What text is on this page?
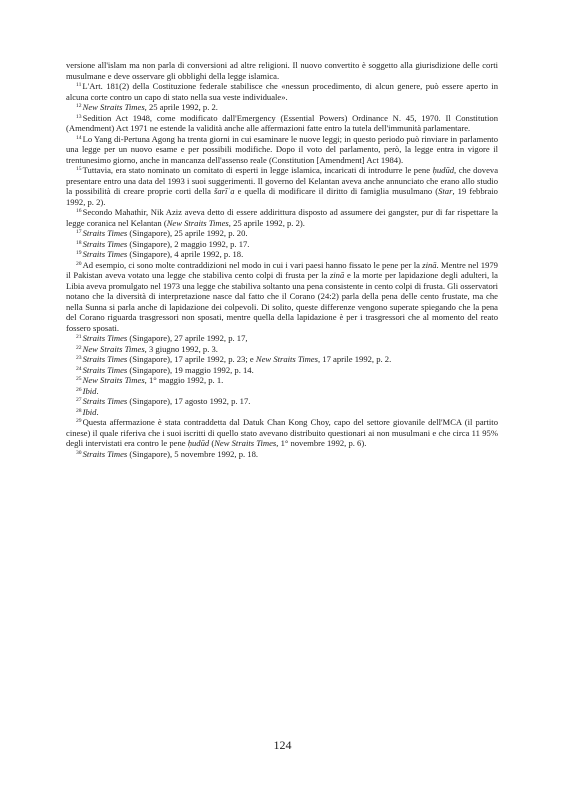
versione all'islam ma non parla di conversioni ad altre religioni. Il nuovo convertito è soggetto alla giurisdizione delle corti musulmane e deve osservare gli obblighi della legge islamica.

$^{11}$L'Art. 181(2) della Costituzione federale stabilisce che «nessun procedimento, di alcun genere, può essere aperto in alcuna corte contro un capo di stato nella sua veste individuale».

$^{12}$New Straits Times, 25 aprile 1992, p. 2.

$^{13}$Sedition Act 1948, come modificato dall'Emergency (Essential Powers) Ordinance N. 45, 1970. Il Constitution (Amendment) Act 1971 ne estende la validità anche alle affermazioni fatte entro la tutela dell'immunità parlamentare.

$^{14}$Lo Yang di-Pertuna Agong ha trenta giorni in cui esaminare le nuove leggi; in questo periodo può rinviare in parlamento una legge per un nuovo esame e per possibili modifiche. Dopo il voto del parlamento, però, la legge entra in vigore il trentunesimo giorno, anche in mancanza dell'assenso reale (Constitution [Amendment] Act 1984).

$^{15}$Tuttavia, era stato nominato un comitato di esperti in legge islamica, incaricati di introdurre le pene ḥudūd, che doveva presentare entro una data del 1993 i suoi suggerimenti. Il governo del Kelantan aveva anche annunciato che erano allo studio la possibilità di creare proprie corti della šarīʿa e quella di modificare il diritto di famiglia musulmano (Star, 19 febbraio 1992, p. 2).

$^{16}$Secondo Mahathir, Nik Aziz aveva detto di essere addirittura disposto ad assumere dei gangster, pur di far rispettare la legge coranica nel Kelantan (New Straits Times, 25 aprile 1992, p. 2).

$^{17}$Straits Times (Singapore), 25 aprile 1992, p. 20.

$^{18}$Straits Times (Singapore), 2 maggio 1992, p. 17.

$^{19}$Straits Times (Singapore), 4 aprile 1992, p. 18.

$^{20}$Ad esempio, ci sono molte contraddizioni nel modo in cui i vari paesi hanno fissato le pene per la zinā. Mentre nel 1979 il Pakistan aveva votato una legge che stabiliva cento colpi di frusta per la zinā e la morte per lapidazione degli adulteri, la Libia aveva promulgato nel 1973 una legge che stabiliva soltanto una pena consistente in cento colpi di frusta. Gli osservatori notano che la diversità di interpretazione nasce dal fatto che il Corano (24:2) parla della pena delle cento frustate, ma che nella Sunna si parla anche di lapidazione dei colpevoli. Di solito, queste differenze vengono superate spiegando che la pena del Corano riguarda trasgressori non sposati, mentre quella della lapidazione è per i trasgressori che al momento del reato fossero sposati.

$^{21}$Straits Times (Singapore), 27 aprile 1992, p. 17,

$^{22}$New Straits Times, 3 giugno 1992, p. 3.

$^{23}$Straits Times (Singapore), 17 aprile 1992, p. 23; e New Straits Times, 17 aprile 1992, p. 2.

$^{24}$Straits Times (Singapore), 19 maggio 1992, p. 14.

$^{25}$New Straits Times, 1° maggio 1992, p. 1.

$^{26}$Ibid.

$^{27}$Straits Times (Singapore), 17 agosto 1992, p. 17.

$^{28}$Ibid.

$^{29}$Questa affermazione è stata contraddetta dal Datuk Chan Kong Choy, capo del settore giovanile dell'MCA (il partito cinese) il quale riferiva che i suoi iscritti di quello stato avevano distribuito questionari ai non musulmani e che circa 11 95% degli intervistati era contro le pene ḥudūd (New Straits Times, 1° novembre 1992, p. 6).

$^{30}$Straits Times (Singapore), 5 novembre 1992, p. 18.

124
